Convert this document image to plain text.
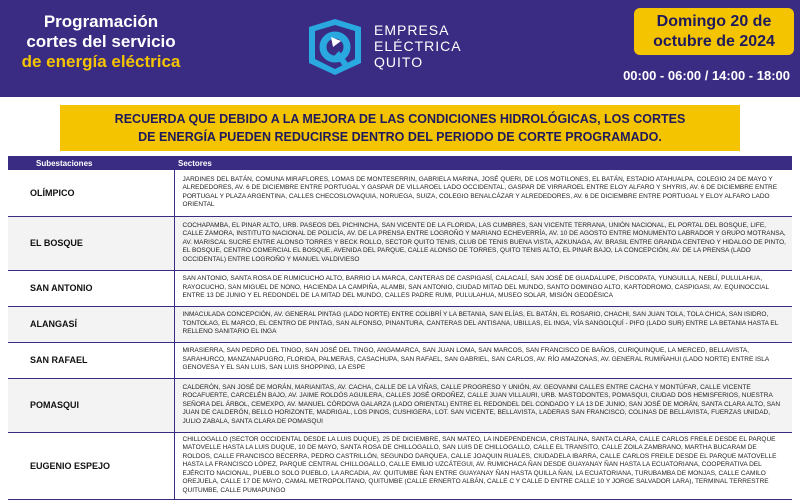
Programación
cortes del servicio
de energía eléctrica
EMPRESA
ELÉCTRICA
QUITO
Domingo 20 de
octubre de 2024
00:00 - 06:00 / 14:00 - 18:00
RECUERDA QUE DEBIDO A LA MEJORA DE LAS CONDICIONES HIDROLÓGICAS, LOS CORTES
DE ENERGÍA PUEDEN REDUCIRSE DENTRO DEL PERIODO DE CORTE PROGRAMADO.
Subestaciones	Sectores
OLÍMPICO	JARDINES DEL BATÁN, COMUNA MIRAFLORES, LOMAS DE MONTESERRIN, GABRIELA MARINA, JOSÉ QUERI, DE LOS MOTILONES, EL BATÁN, ESTADIO ATAHUALPA, COLEGIO 24 DE MAYO Y ALREDEDORES, AV. 6 DE DICIEMBRE ENTRE PORTUGAL Y GASPAR DE VILLAROEL LADO OCCIDENTAL, GASPAR DE VIRRAROEL ENTRE ELOY ALFARO Y SHYRIS, AV. 6 DE DICIEMBRE ENTRE PORTUGAL Y PLAZA ARGENTINA, CALLES CHECOSLOVAQUIA, NORUEGA, SUIZA, COLEGIO BENALCÁZAR Y ALREDEDORES, AV. 6 DE DICIEMBRE ENTRE PORTUGAL Y ELOY ALFARO LADO ORIENTAL
EL BOSQUE	COCHAPAMBA, EL PINAR ALTO, URB. PASEOS DEL PICHINCHA, SAN VICENTE DE LA FLORIDA, LAS CUMBRES, SAN VICENTE TERRANA, UNIÓN NACIONAL, EL PORTAL DEL BOSQUE, LIFE, CALLE ZAMORA, INSTITUTO NACIONAL DE POLICÍA, AV. DE LA PRENSA ENTRE LOGROÑO Y MARIANO ECHEVERRÍA, AV. 10 DE AGOSTO ENTRE MONUMENTO LABRADOR Y GRUPO MOTRANSA, AV. MARISCAL SUCRE ENTRE ALONSO TORRES Y BECK ROLLO, SECTOR QUITO TENIS, CLUB DE TENIS BUENA VISTA, AZKUNAGA, AV. BRASIL ENTRE GRANDA CENTENO Y HIDALGO DE PINTO, EL BOSQUE, CENTRO COMERCIAL EL BOSQUE, AVENIDA DEL PARQUE, CALLE ALONSO DE TORRES, QUITO TENIS ALTO, EL PINAR BAJO, LA CONCEPCIÓN, AV. DE LA PRENSA (LADO OCCIDENTAL) ENTRE LOGROÑO Y MANUEL VALDIVIESO
SAN ANTONIO	SAN ANTONIO, SANTA ROSA DE RUMICUCHO ALTO, BARRIO LA MARCA, CANTERAS DE CASPIGASÍ, CALACALÍ, SAN JOSÉ DE GUADALUPE, PISCOPATA, YUNGUILLA, NEBLÍ, PULULAHUA, RAYOCUCHO, SAN MIGUEL DE NONO, HACIENDA LA CAMPIÑA, ALAMBI, SAN ANTONIO, CIUDAD MITAD DEL MUNDO, SANTO DOMINGO ALTO, KARTODROMO, CASPIGASI, AV. EQUINOCCIAL ENTRE 13 DE JUNIO Y EL REDONDEL DE LA MITAD DEL MUNDO, CALLES PADRE RUMI, PULULAHUA, MUSEO SOLAR, MISIÓN GEODÉSICA
ALANGASÍ	INMACULADA CONCEPCIÓN, AV. GENERAL PINTAG (LADO NORTE) ENTRE COLIBRÍ Y LA BETANIA, SAN ELÍAS, EL BATÁN, EL ROSARIO, CHACHI, SAN JUAN TOLA, TOLA CHICA, SAN ISIDRO, TONTOLAG, EL MARCO, EL CENTRO DE PINTAG, SAN ALFONSO, PINANTURA, CANTERAS DEL ANTISANA, UBILLAS, EL INGA, VÍA SANGOLQUÍ - PIFO (LADO SUR) ENTRE LA BETANIA HASTA EL RELLENO SANITARIO EL INGA
SAN RAFAEL	MIRASIERRA, SAN PEDRO DEL TINGO, SAN JOSÉ DEL TINGO, ANGAMARCA, SAN JUAN LOMA, SAN MARCOS, SAN FRANCISCO DE BAÑOS, CURIQUINQUE, LA MERCED, BELLAVISTA, SARAHURCO, MANZANAPUGRO, FLORIDA, PALMERAS, CASACHUPA, SAN RAFAEL, SAN GABRIEL, SAN CARLOS, AV. RÍO AMAZONAS, AV. GENERAL RUMIÑAHUI (LADO NORTE) ENTRE ISLA GENOVESA Y EL SAN LUIS, SAN LUIS SHOPPING, LA ESPE
POMASQUI	CALDERÓN, SAN JOSÉ DE MORÁN, MARIANITAS, AV. CACHA, CALLE DE LA VIÑAS, CALLE PROGRESO Y UNIÓN, AV. GEOVANNI CALLES ENTRE CACHA Y MONTÚFAR, CALLE VICENTE ROCAFUERTE, CARCELÉN BAJO, AV. JAIME ROLDÓS AGUILERA, CALLES JOSÉ ORDOÑEZ, CALLE JUAN VILLAURI, URB. MASTODONTES, POMASQUI, CIUDAD DOS HEMISFERIOS, NUESTRA SEÑORA DEL ÁRBOL, CEMEXPO, AV. MANUEL CÓRDOVA GALARZA (LADO ORIENTAL) ENTRE EL REDONDEL DEL CONDADO Y LA 13 DE JUNIO, SAN JOSÉ DE MORÁN, SANTA CLARA ALTO, SAN JUAN DE CALDERÓN, BELLO HORIZONTE, MADRIGAL, LOS PINOS, CUSHIGERA, LOT. SAN VICENTE, BELLAVISTA, LADERAS SAN FRANCISCO, COLINAS DE BELLAVISTA, FUERZAS UNIDAD, JULIO ZABALA, SANTA CLARA DE POMASQUI
EUGENIO ESPEJO	CHILLOGALLO (SECTOR OCCIDENTAL DESDE LA LUIS DUQUE), 25 DE DICIEMBRE, SAN MATEO, LA INDEPENDENCIA, CRISTALINA, SANTA CLARA, CALLE CARLOS FREILE DESDE EL PARQUE MATOVELLE HASTA LA LUIS DUQUE, 10 DE MAYO, SANTA ROSA DE CHILLOGALLO, SAN LUIS DE CHILLOGALLO, CALLE EL TRANSITO, CALLE ZOILA ZAMBRANO, MARTHA BUCARAM DE ROLDOS, CALLE FRANCISCO BECERRA, PEDRO CASTRILLÓN, SEGUNDO DARQUEA, CALLE JOAQUIN RUALES, CIUDADELA IBARRA, CALLE CARLOS FREILE DESDE EL PARQUE MATOVELLE HASTA LA FRANCISCO LÓPEZ, PARQUE CENTRAL CHILLOGALLO, CALLE EMILIO UZCÁTEGUI, AV. RUMICHACA ÑAN DESDE GUAYANAY ÑAN HASTA LA ECUATORIANA, COOPERATIVA DEL EJÉRCITO NACIONAL, PUEBLO SOLO PUEBLO, LA ARCADIA, AV. QUITUMBE ÑAN ENTRE GUAYANAY ÑAN HASTA QUILLA ÑAN, LA ECUATORIANA, TURUBAMBA DE MONJAS, CALLE CAMILO OREJUELA, CALLE 17 DE MAYO, CAMAL METROPOLITANO, QUITUMBE (CALLE ERNERTO ALBÁN, CALLE C Y CALLE D ENTRE CALLE 10 Y JORGE SALVADOR LARA), TERMINAL TERRESTRE QUITUMBE, CALLE PUMAPUNGO
